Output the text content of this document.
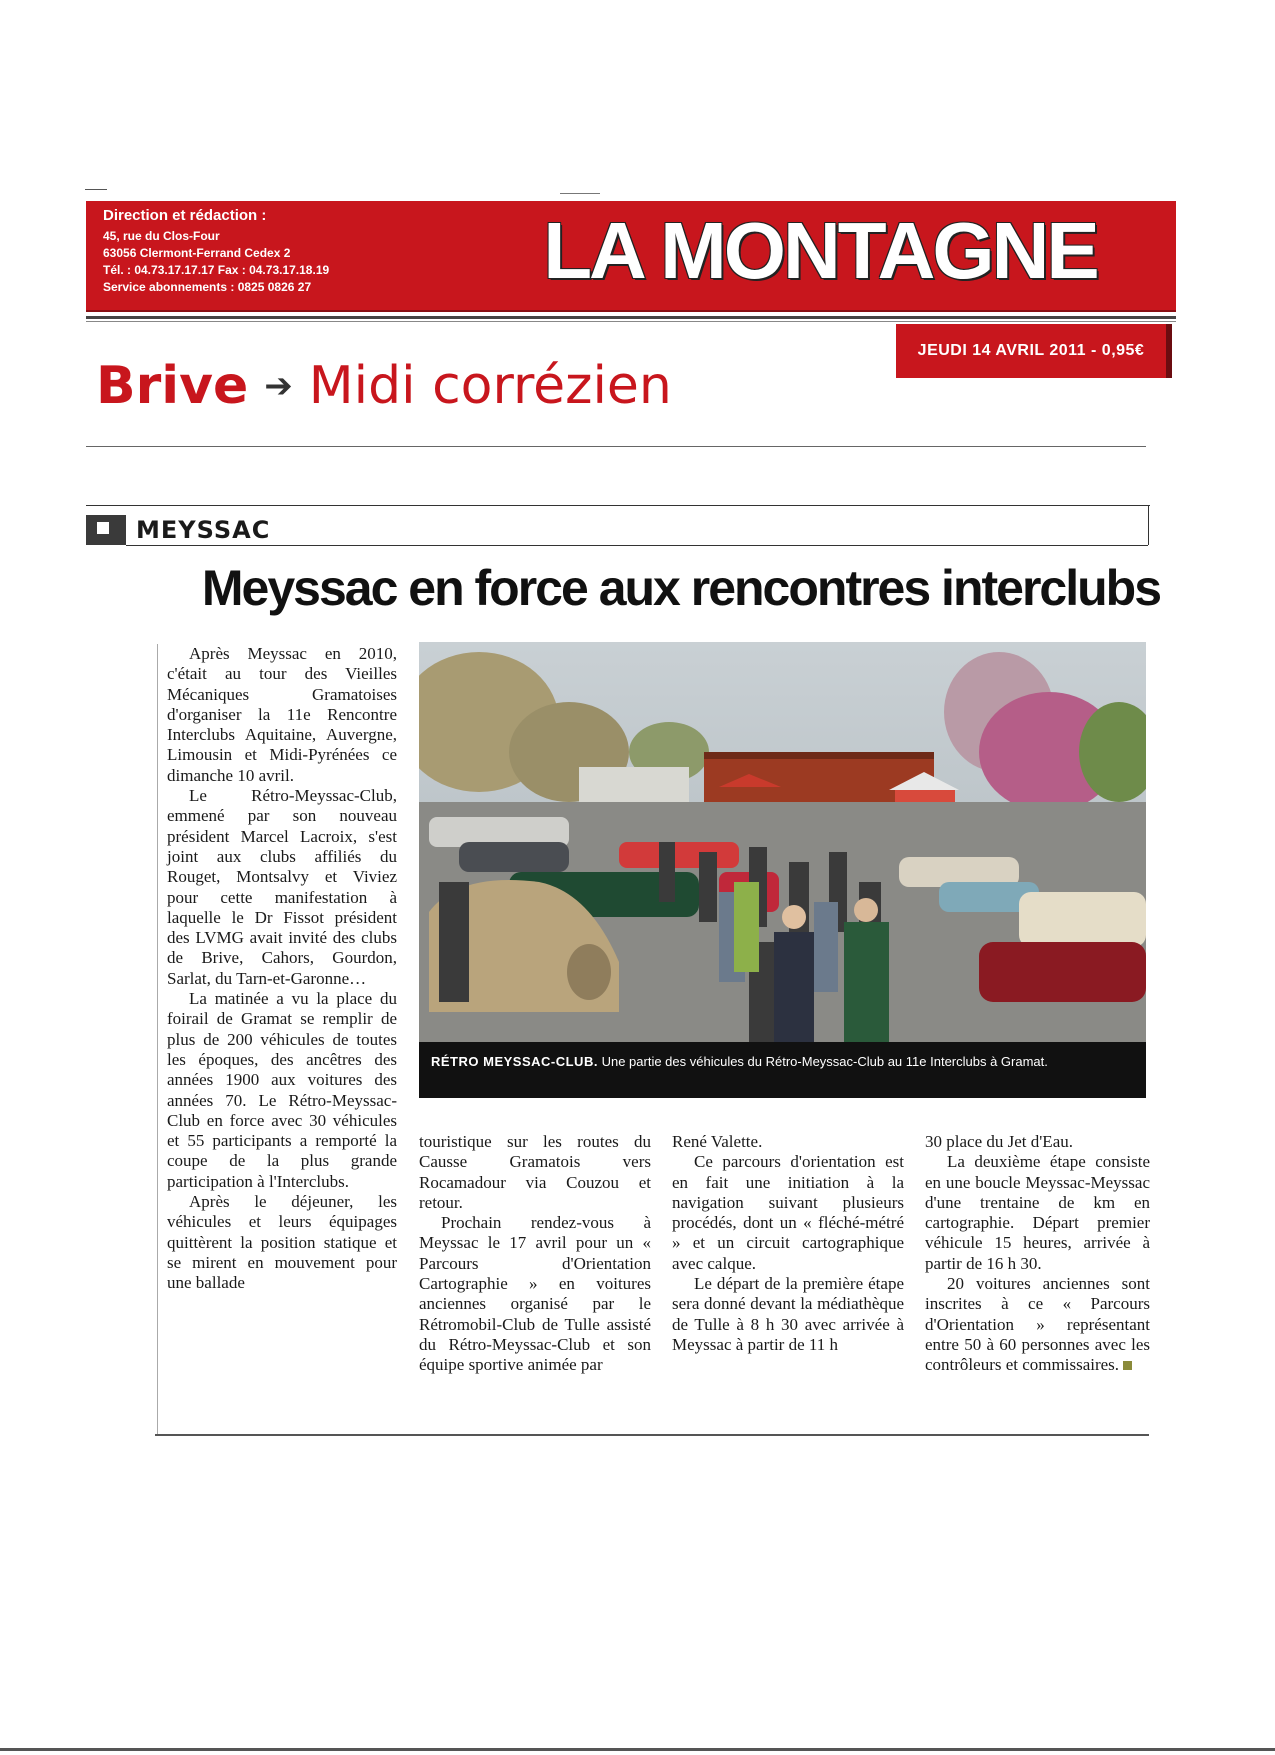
Direction et rédaction :
45, rue du Clos-Four
63056 Clermont-Ferrand Cedex 2
Tél. : 04.73.17.17.17 Fax : 04.73.17.18.19
Service abonnements : 0825 0826 27	LA MONTAGNE
JEUDI 14 AVRIL 2011 - 0,95€
Brive ➔ Midi corrézien
MEYSSAC
Meyssac en force aux rencontres interclubs
RÉTRO MEYSSAC-CLUB. Une partie des véhicules du Rétro-Meyssac-Club au 11e Interclubs à Gramat.

Après Meyssac en 2010, c'était au tour des Vieilles Mécaniques Gramatoises d'organiser la 11e Rencontre Interclubs Aquitaine, Auvergne, Limousin et Midi-Pyrénées ce dimanche 10 avril.

Le Rétro-Meyssac-Club, emmené par son nouveau président Marcel Lacroix, s'est joint aux clubs affiliés du Rouget, Montsalvy et Viviez pour cette manifestation à laquelle le Dr Fissot président des LVMG avait invité des clubs de Brive, Cahors, Gourdon, Sarlat, du Tarn-et-Garonne…

La matinée a vu la place du foirail de Gramat se remplir de plus de 200 véhicules de toutes les époques, des ancêtres des années 1900 aux voitures des années 70. Le Rétro-Meyssac-Club en force avec 30 véhicules et 55 participants a remporté la coupe de la plus grande participation à l'Interclubs.

Après le déjeuner, les véhicules et leurs équipages quittèrent la position statique et se mirent en mouvement pour une ballade

touristique sur les routes du Causse Gramatois vers Rocamadour via Couzou et retour.

Prochain rendez-vous à Meyssac le 17 avril pour un « Parcours d'Orientation Cartographie » en voitures anciennes organisé par le Rétromobil-Club de Tulle assisté du Rétro-Meyssac-Club et son équipe sportive animée par

René Valette.

Ce parcours d'orientation est en fait une initiation à la navigation suivant plusieurs procédés, dont un « fléché-métré » et un circuit cartographique avec calque.

Le départ de la première étape sera donné devant la médiathèque de Tulle à 8 h 30 avec arrivée à Meyssac à partir de 11 h

30 place du Jet d'Eau.

La deuxième étape consiste en une boucle Meyssac-Meyssac d'une trentaine de km en cartographie. Départ premier véhicule 15 heures, arrivée à partir de 16 h 30.

20 voitures anciennes sont inscrites à ce « Parcours d'Orientation » représentant entre 50 à 60 personnes avec les contrôleurs et commissaires.
